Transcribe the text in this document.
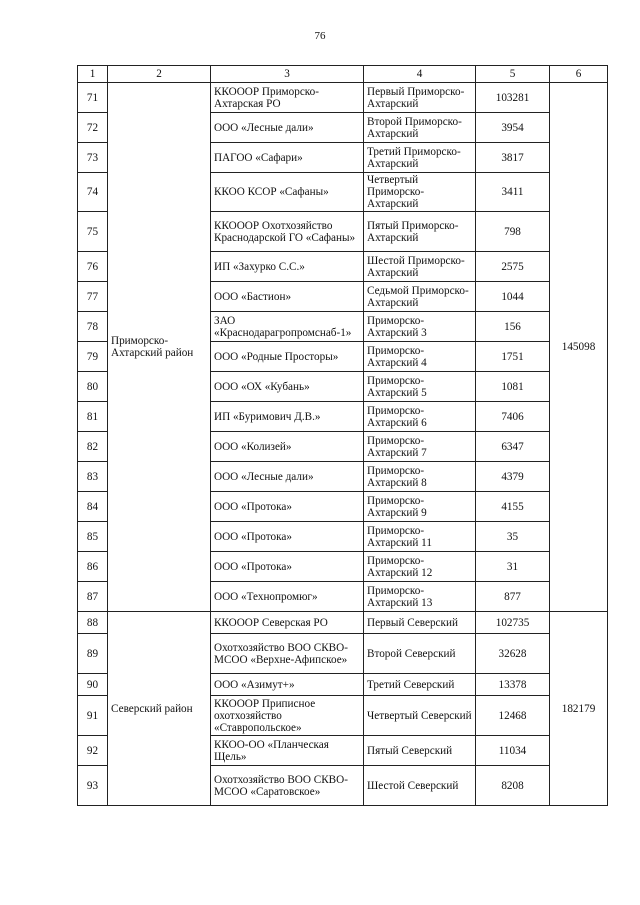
76
1	2	3	4	5	6
71	Приморско-Ахтарский район	ККОООР Приморско-Ахтарская РО	Первый Приморско-Ахтарский	103281	145098
72		ООО «Лесные дали»	Второй Приморско-Ахтарский	3954	
73		ПАГОО «Сафари»	Третий Приморско-Ахтарский	3817	
74		ККОО КСОР «Сафаны»	Четвертый Приморско-Ахтарский	3411	
75		ККОООР Охотхозяйство Краснодарской ГО «Сафаны»	Пятый Приморско-Ахтарский	798	
76		ИП «Захурко С.С.»	Шестой Приморско-Ахтарский	2575	
77		ООО «Бастион»	Седьмой Приморско-Ахтарский	1044	
78		ЗАО «Краснодарагропромснаб-1»	Приморско-Ахтарский 3	156	
79		ООО «Родные Просторы»	Приморско-Ахтарский 4	1751	
80		ООО «ОХ «Кубань»	Приморско-Ахтарский 5	1081	
81		ИП «Буримович Д.В.»	Приморско-Ахтарский 6	7406	
82		ООО «Колизей»	Приморско-Ахтарский 7	6347	
83		ООО «Лесные дали»	Приморско-Ахтарский 8	4379	
84		ООО «Протока»	Приморско-Ахтарский 9	4155	
85		ООО «Протока»	Приморско-Ахтарский 11	35	
86		ООО «Протока»	Приморско-Ахтарский 12	31	
87		ООО «Технопромюг»	Приморско-Ахтарский 13	877	
88	Северский район	ККОООР Северская РО	Первый Северский	102735	182179
89		Охотхозяйство ВОО СКВО-МСОО «Верхне-Афипское»	Второй Северский	32628	
90		ООО «Азимут+»	Третий Северский	13378	
91		ККОООР Приписное охотхозяйство «Ставропольское»	Четвертый Северский	12468	
92		ККОО-ОО «Планческая Щель»	Пятый Северский	11034	
93		Охотхозяйство ВОО СКВО-МСОО «Саратовское»	Шестой Северский	8208	
